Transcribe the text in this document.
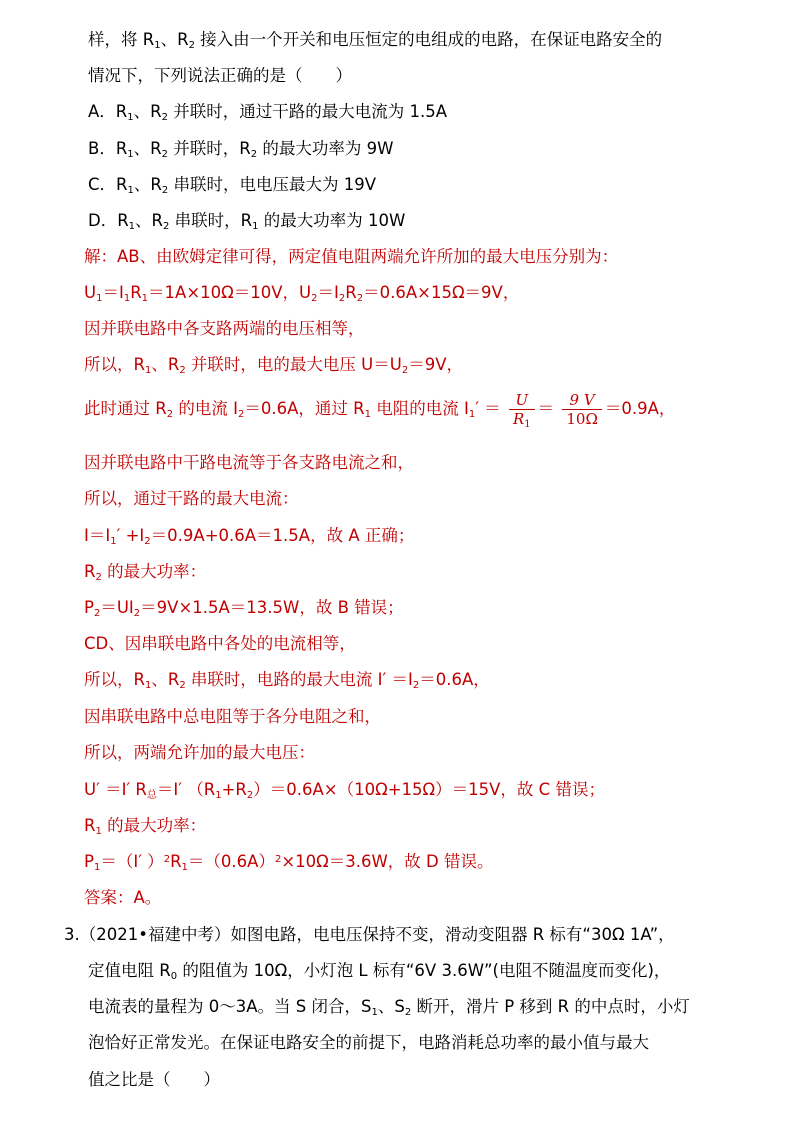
样，将 $R_1$、$R_2$ 接入由一个开关和电压恒定的电组成的电路，在保证电路安全的
情况下，下列说法正确的是（　　）
A．$R_1$、$R_2$ 并联时，通过干路的最大电流为 1.5A
B．$R_1$、$R_2$ 并联时，$R_2$ 的最大功率为 9W
C．$R_1$、$R_2$ 串联时，电电压最大为 19V
D．$R_1$、$R_2$ 串联时，$R_1$ 的最大功率为 10W
解：AB、由欧姆定律可得，两定值电阻两端允许所加的最大电压分别为：
$U_1=I_1R_1=1A\times 10\Omega=10V$，$U_2=I_2R_2=0.6A\times 15\Omega=9V$，
因并联电路中各支路两端的电压相等，
所以，$R_1$、$R_2$ 并联时，电的最大电压 $U=U_2=9V$，
此时通过 $R_2$ 的电流 $I_2=0.6A$，通过 $R_1$ 电阻的电流 $I_1' = \frac{U}{R_1} = \frac{9 V}{10\Omega} =0.9A$，
因并联电路中干路电流等于各支路电流之和，
所以，通过干路的最大电流：
$I=I_1' +I_2=0.9A+0.6A=1.5A$，故 A 正确；
$R_2$ 的最大功率：
$P_2=UI_2=9V\times 1.5A=13.5W$，故 B 错误；
CD、因串联电路中各处的电流相等，
所以，$R_1$、$R_2$ 串联时，电路的最大电流 $I' =I_2=0.6A$，
因串联电路中总电阻等于各分电阻之和，
所以，两端允许加的最大电压：
U′ ＝I′ $R_总=I'$ $(R_1+R_2)=0.6A\times(10\Omega+15\Omega)=15V$，故 C 错误；
$R_1$ 的最大功率：
$P_1=(I'$ ）$^2R_1=(0.6A)^2\times 10\Omega=3.6W$，故 D 错误。
答案：A。
3.（2021•福建中考）如图电路，电电压保持不变，滑动变阻器 R 标有“30Ω 1A”，
定值电阻 $R_0$ 的阻值为 10Ω，小灯泡 L 标有“6V 3.6W”(电阻不随温度而变化)，
电流表的量程为 0～3A。当 S 闭合，$S_1$、$S_2$ 断开，滑片 P 移到 R 的中点时，小灯
泡恰好正常发光。在保证电路安全的前提下，电路消耗总功率的最小值与最大
值之比是（　　）
